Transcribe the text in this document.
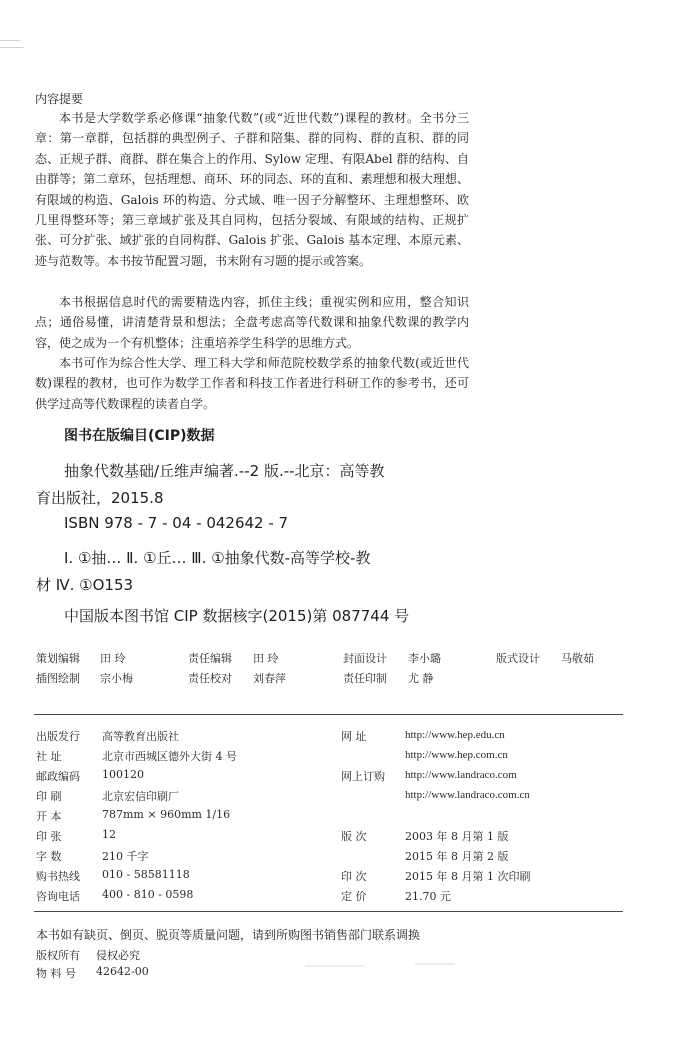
内容提要

本书是大学数学系必修课“抽象代数”(或“近世代数”)课程的教材。全书分三章：第一章群，包括群的典型例子、子群和陪集、群的同构、群的直积、群的同态、正规子群、商群、群在集合上的作用、Sylow 定理、有限Abel 群的结构、自由群等；第二章环，包括理想、商环、环的同态、环的直和、素理想和极大理想、有限域的构造、Galois 环的构造、分式域、唯一因子分解整环、主理想整环、欧几里得整环等；第三章域扩张及其自同构，包括分裂域、有限域的结构、正规扩张、可分扩张、域扩张的自同构群、Galois 扩张、Galois 基本定理、本原元素、迹与范数等。本书按节配置习题，书末附有习题的提示或答案。

本书根据信息时代的需要精选内容，抓住主线；重视实例和应用，整合知识点；通俗易懂，讲清楚背景和想法；全盘考虑高等代数课和抽象代数课的教学内容，使之成为一个有机整体；注重培养学生科学的思维方式。

本书可作为综合性大学、理工科大学和师范院校数学系的抽象代数(或近世代数)课程的教材，也可作为数学工作者和科技工作者进行科研工作的参考书，还可供学过高等代数课程的读者自学。

图书在版编目(CIP)数据
抽象代数基础/丘维声编著.--2 版.--北京：高等教
育出版社，2015.8
ISBN 978 - 7 - 04 - 042642 - 7
Ⅰ. ①抽… Ⅱ. ①丘… Ⅲ. ①抽象代数-高等学校-教
材 Ⅳ. ①O153
中国版本图书馆 CIP 数据核字(2015)第 087744 号
策划编辑 田 玲	责任编辑 田 玲	封面设计 李小璐	版式设计 马敬茹
插图绘制 宗小梅	责任校对 刘春萍	责任印制 尤 静
出版发行 高等教育出版社
社 址	北京市西城区德外大街 4 号
邮政编码 100120
印 刷	北京宏信印刷厂
开 本	787mm × 960mm 1/16
印 张	12
字 数	210 千字
购书热线 010 - 58581118
咨询电话 400 - 810 - 0598
网 址	http://www.hep.edu.cn
http://www.hep.com.cn
网上订购 http://www.landraco.com
http://www.landraco.com.cn
版 次	2003 年 8 月第 1 版
2015 年 8 月第 2 版
印 次	2015 年 8 月第 1 次印刷
定 价	21.70 元
本书如有缺页、倒页、脱页等质量问题，请到所购图书销售部门联系调换
版权所有 侵权必究
物 料 号 42642-00
